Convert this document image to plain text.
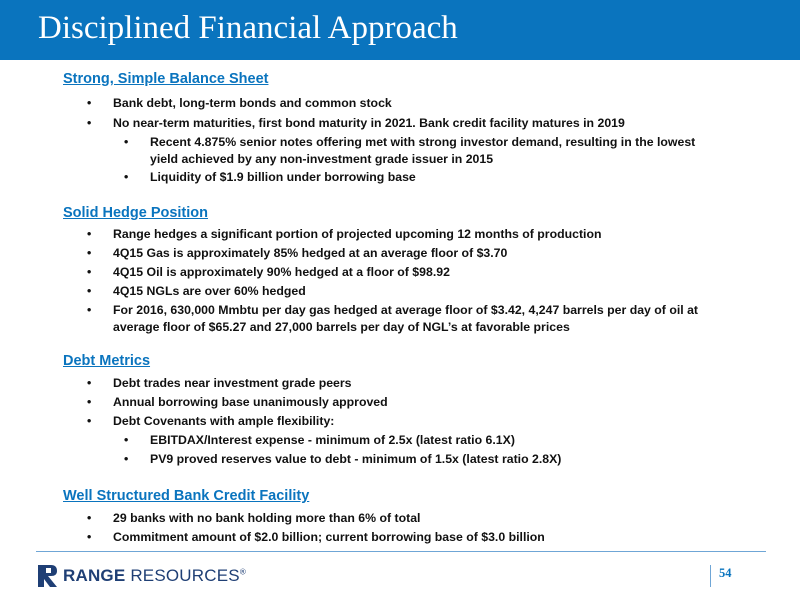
Disciplined Financial Approach
Strong, Simple Balance Sheet
• Bank debt, long-term bonds and common stock
• No near-term maturities, first bond maturity in 2021. Bank credit facility matures in 2019
• Recent 4.875% senior notes offering met with strong investor demand, resulting in the lowest yield achieved by any non-investment grade issuer in 2015
• Liquidity of $1.9 billion under borrowing base
Solid Hedge Position
• Range hedges a significant portion of projected upcoming 12 months of production
• 4Q15 Gas is approximately 85% hedged at an average floor of $3.70
• 4Q15 Oil is approximately 90% hedged at a floor of $98.92
• 4Q15 NGLs are over 60% hedged
• For 2016, 630,000 Mmbtu per day gas hedged at average floor of $3.42, 4,247 barrels per day of oil at average floor of $65.27 and 27,000 barrels per day of NGL’s at favorable prices
Debt Metrics
• Debt trades near investment grade peers
• Annual borrowing base unanimously approved
• Debt Covenants with ample flexibility:
• EBITDAX/Interest expense - minimum of 2.5x (latest ratio 6.1X)
• PV9 proved reserves value to debt - minimum of 1.5x (latest ratio 2.8X)
Well Structured Bank Credit Facility
• 29 banks with no bank holding more than 6% of total
• Commitment amount of $2.0 billion; current borrowing base of $3.0 billion
RANGE RESOURCES®	54
